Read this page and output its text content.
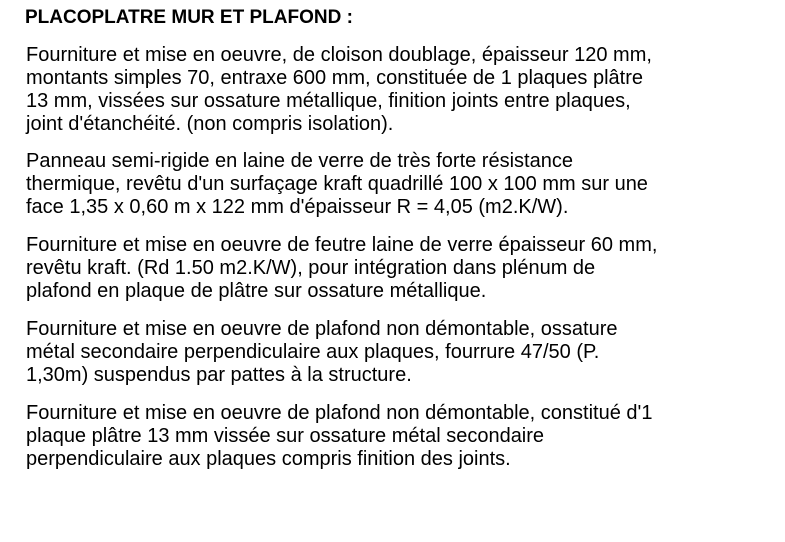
PLACOPLATRE MUR ET PLAFOND :

Fourniture et mise en oeuvre, de cloison doublage, épaisseur 120 mm,
montants simples 70, entraxe 600 mm, constituée de 1 plaques plâtre
13 mm, vissées sur ossature métallique, finition joints entre plaques,
joint d'étanchéité. (non compris isolation).

Panneau semi-rigide en laine de verre de très forte résistance
thermique, revêtu d'un surfaçage kraft quadrillé 100 x 100 mm sur une
face 1,35 x 0,60 m x 122 mm d'épaisseur R = 4,05 (m2.K/W).

Fourniture et mise en oeuvre de feutre laine de verre épaisseur 60 mm,
revêtu kraft. (Rd 1.50 m2.K/W), pour intégration dans plénum de
plafond en plaque de plâtre sur ossature métallique.

Fourniture et mise en oeuvre de plafond non démontable, ossature
métal secondaire perpendiculaire aux plaques, fourrure 47/50 (P.
1,30m) suspendus par pattes à la structure.

Fourniture et mise en oeuvre de plafond non démontable, constitué d'1
plaque plâtre 13 mm vissée sur ossature métal secondaire
perpendiculaire aux plaques compris finition des joints.
